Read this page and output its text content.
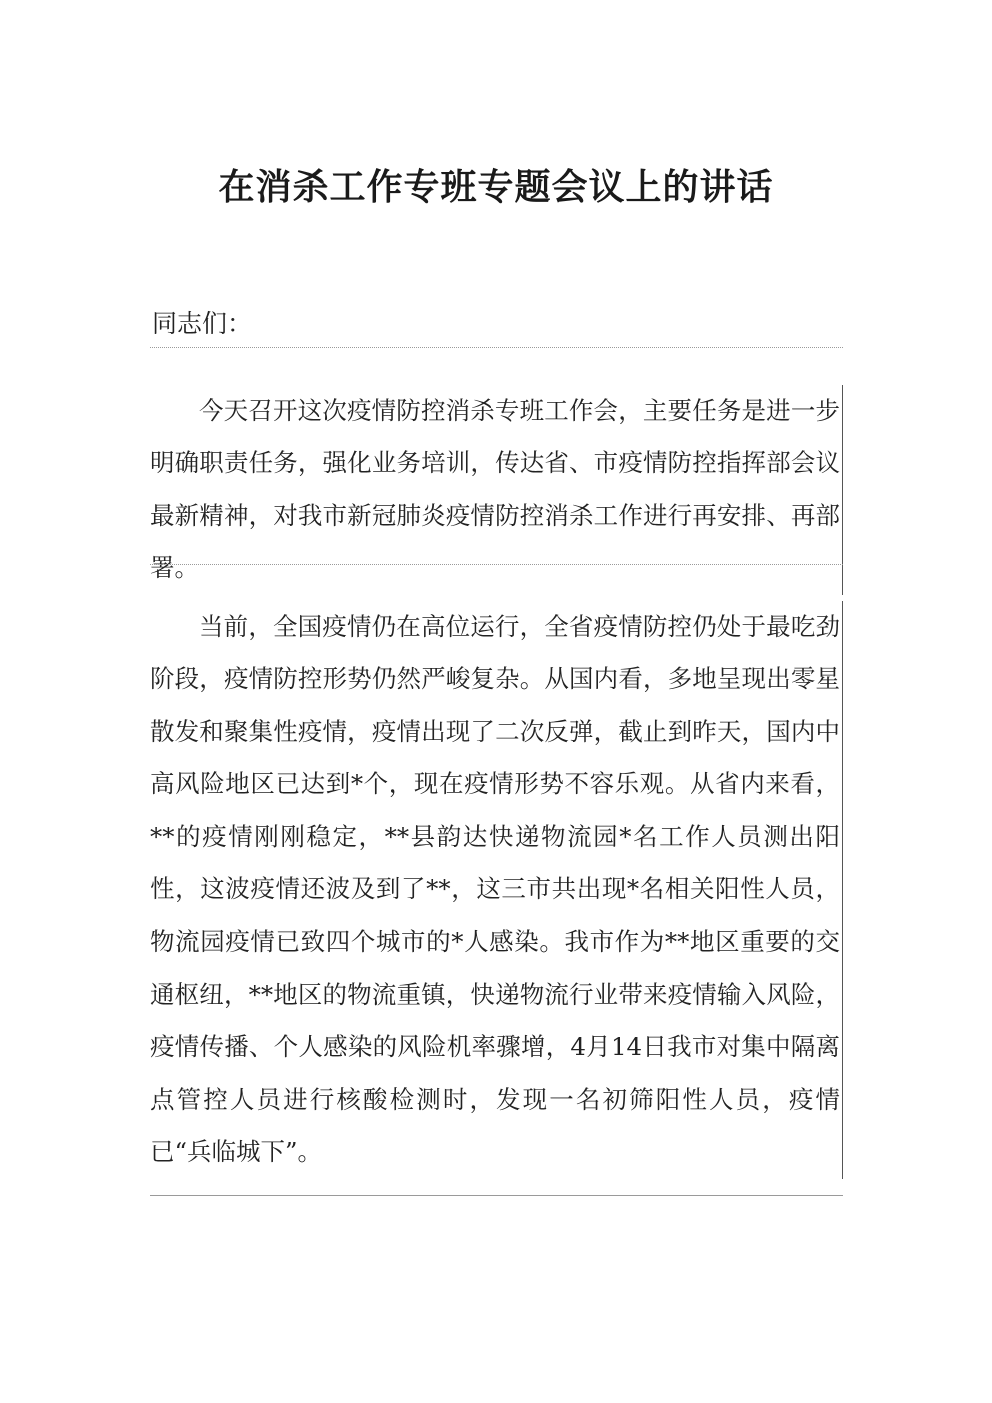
在消杀工作专班专题会议上的讲话
同志们：

今天召开这次疫情防控消杀专班工作会，主要任务是进一步明确职责任务，强化业务培训，传达省、市疫情防控指挥部会议最新精神，对我市新冠肺炎疫情防控消杀工作进行再安排、再部署。

当前，全国疫情仍在高位运行，全省疫情防控仍处于最吃劲阶段，疫情防控形势仍然严峻复杂。从国内看，多地呈现出零星散发和聚集性疫情，疫情出现了二次反弹，截止到昨天，国内中高风险地区已达到*个，现在疫情形势不容乐观。从省内来看，**的疫情刚刚稳定，**县韵达快递物流园*名工作人员测出阳性，这波疫情还波及到了**，这三市共出现*名相关阳性人员，物流园疫情已致四个城市的*人感染。我市作为**地区重要的交通枢纽，**地区的物流重镇，快递物流行业带来疫情输入风险，疫情传播、个人感染的风险机率骤增，4月14日我市对集中隔离点管控人员进行核酸检测时，发现一名初筛阳性人员，疫情已“兵临城下”。
